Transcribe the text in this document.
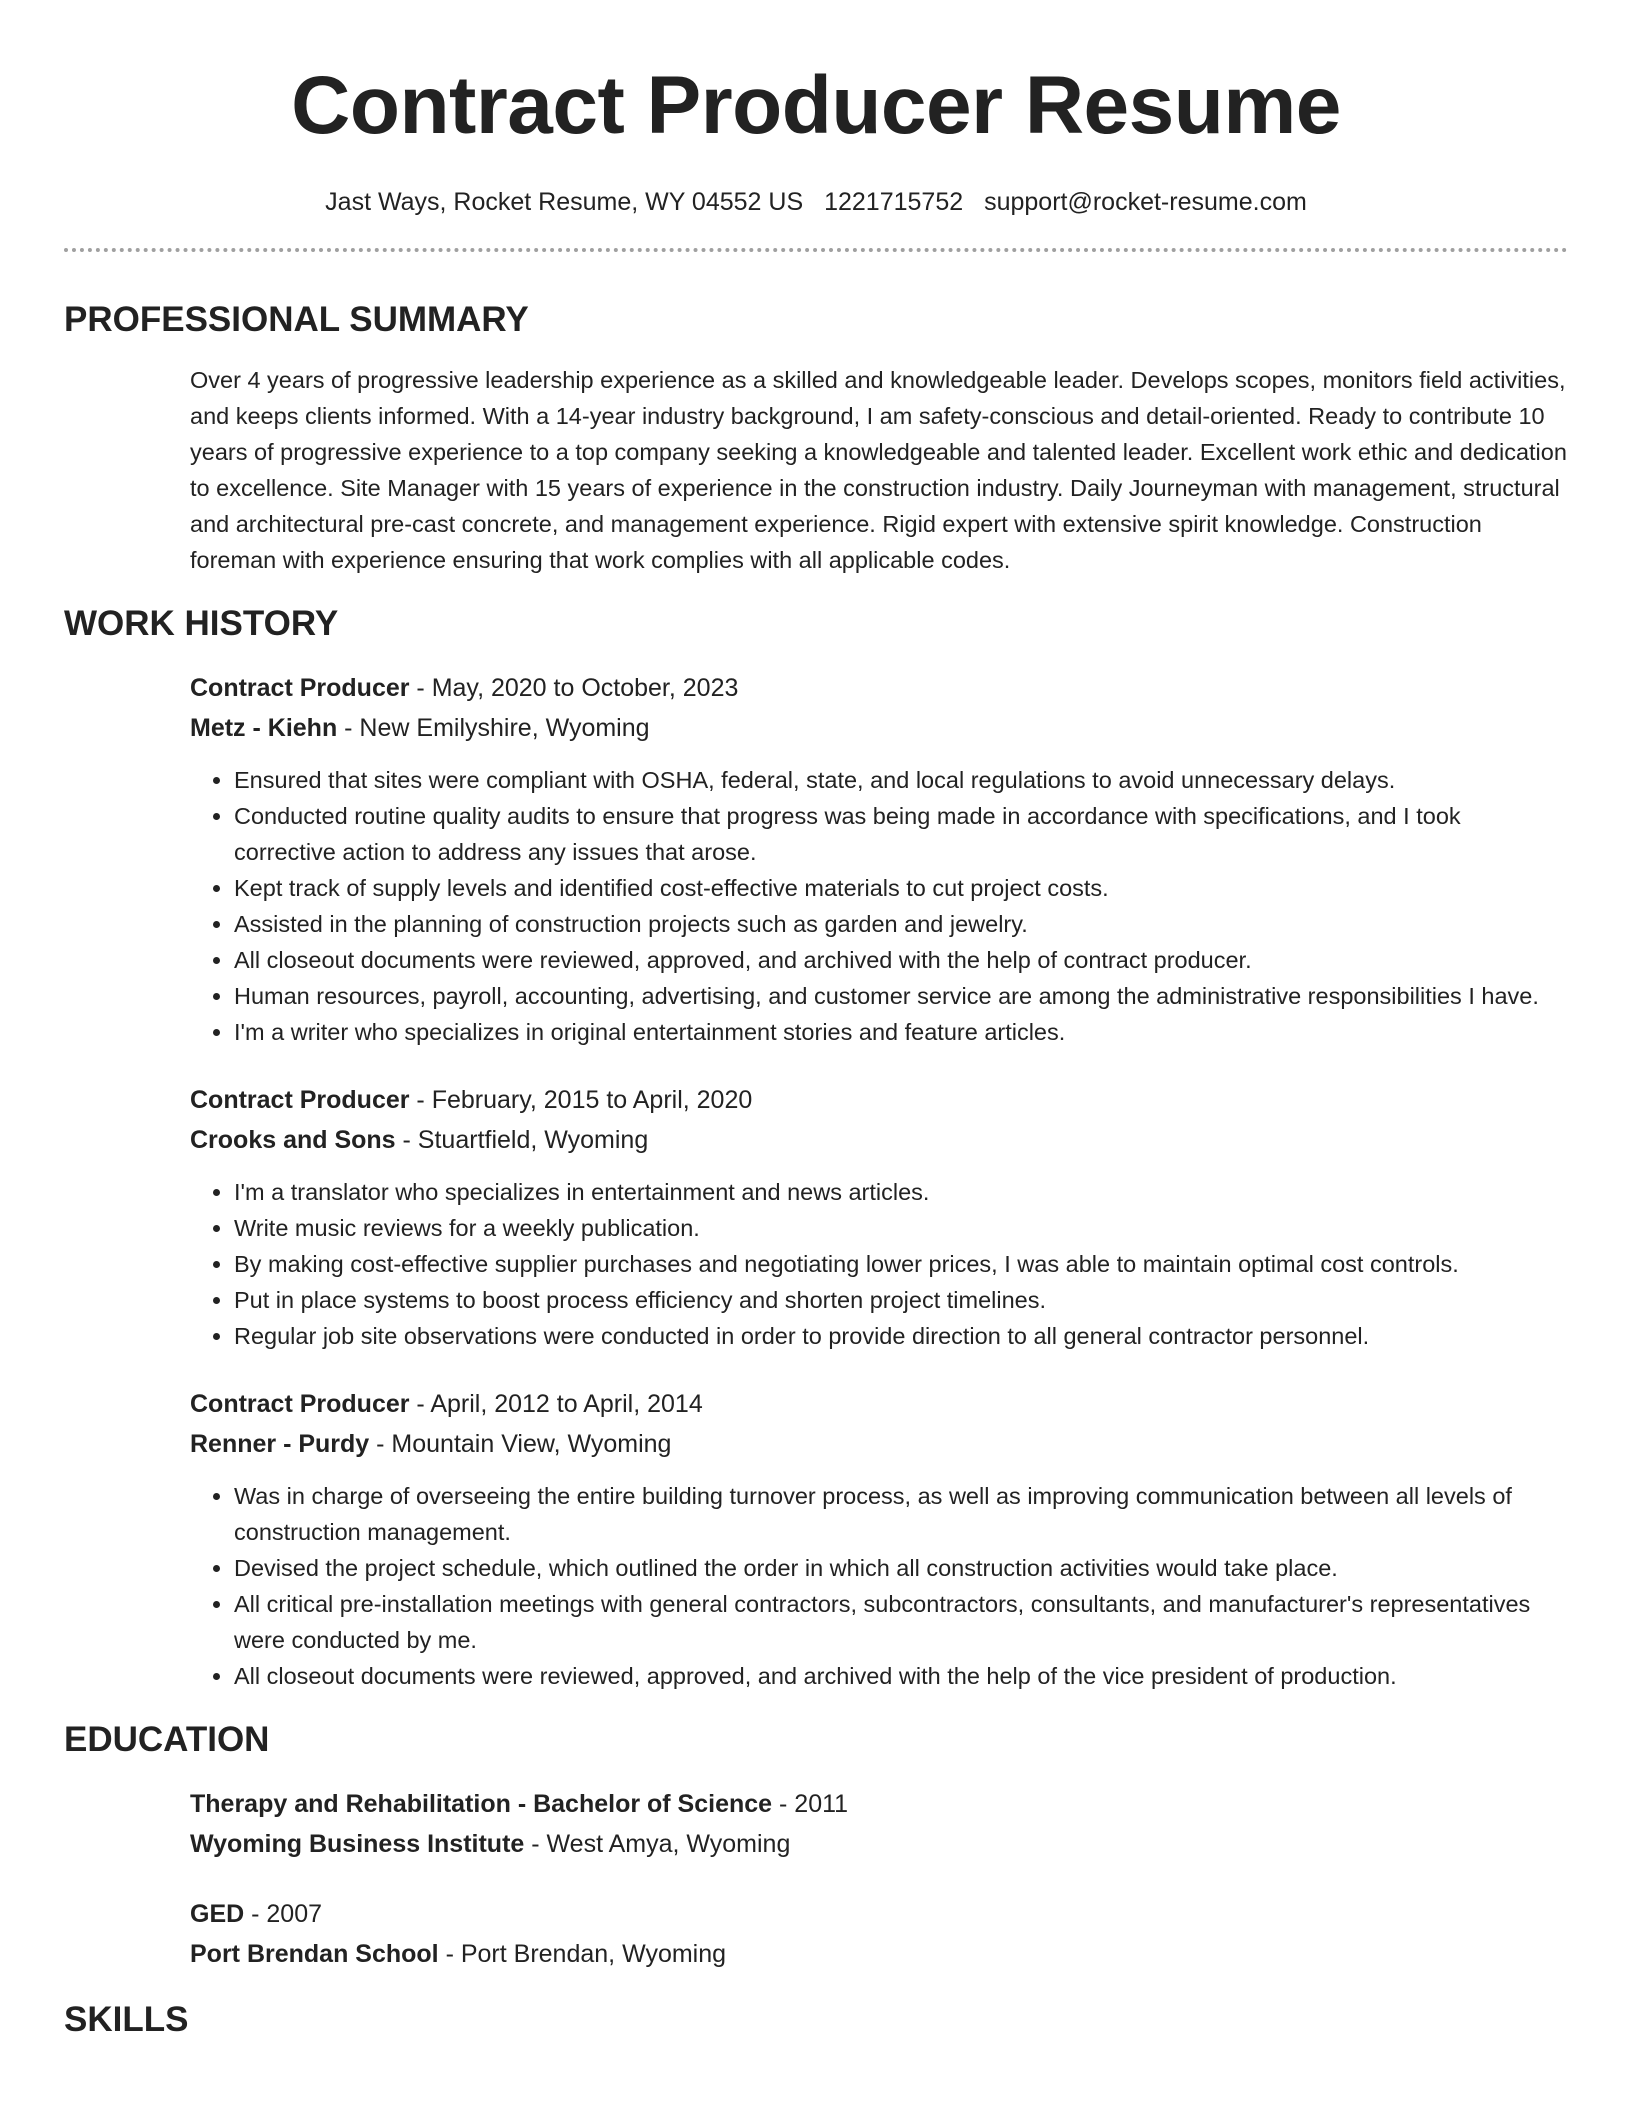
Contract Producer Resume
Jast Ways, Rocket Resume, WY 04552 US 1221715752 support@rocket-resume.com
PROFESSIONAL SUMMARY
Over 4 years of progressive leadership experience as a skilled and knowledgeable leader. Develops scopes, monitors field activities, and keeps clients informed. With a 14-year industry background, I am safety-conscious and detail-oriented. Ready to contribute 10 years of progressive experience to a top company seeking a knowledgeable and talented leader. Excellent work ethic and dedication to excellence. Site Manager with 15 years of experience in the construction industry. Daily Journeyman with management, structural and architectural pre-cast concrete, and management experience. Rigid expert with extensive spirit knowledge. Construction foreman with experience ensuring that work complies with all applicable codes.
WORK HISTORY
Contract Producer - May, 2020 to October, 2023
Metz - Kiehn - New Emilyshire, Wyoming
• Ensured that sites were compliant with OSHA, federal, state, and local regulations to avoid unnecessary delays.
• Conducted routine quality audits to ensure that progress was being made in accordance with specifications, and I took corrective action to address any issues that arose.
• Kept track of supply levels and identified cost-effective materials to cut project costs.
• Assisted in the planning of construction projects such as garden and jewelry.
• All closeout documents were reviewed, approved, and archived with the help of contract producer.
• Human resources, payroll, accounting, advertising, and customer service are among the administrative responsibilities I have.
• I'm a writer who specializes in original entertainment stories and feature articles.
Contract Producer - February, 2015 to April, 2020
Crooks and Sons - Stuartfield, Wyoming
• I'm a translator who specializes in entertainment and news articles.
• Write music reviews for a weekly publication.
• By making cost-effective supplier purchases and negotiating lower prices, I was able to maintain optimal cost controls.
• Put in place systems to boost process efficiency and shorten project timelines.
• Regular job site observations were conducted in order to provide direction to all general contractor personnel.
Contract Producer - April, 2012 to April, 2014
Renner - Purdy - Mountain View, Wyoming
• Was in charge of overseeing the entire building turnover process, as well as improving communication between all levels of construction management.
• Devised the project schedule, which outlined the order in which all construction activities would take place.
• All critical pre-installation meetings with general contractors, subcontractors, consultants, and manufacturer's representatives were conducted by me.
• All closeout documents were reviewed, approved, and archived with the help of the vice president of production.
EDUCATION
Therapy and Rehabilitation - Bachelor of Science - 2011
Wyoming Business Institute - West Amya, Wyoming
GED - 2007
Port Brendan School - Port Brendan, Wyoming
SKILLS
